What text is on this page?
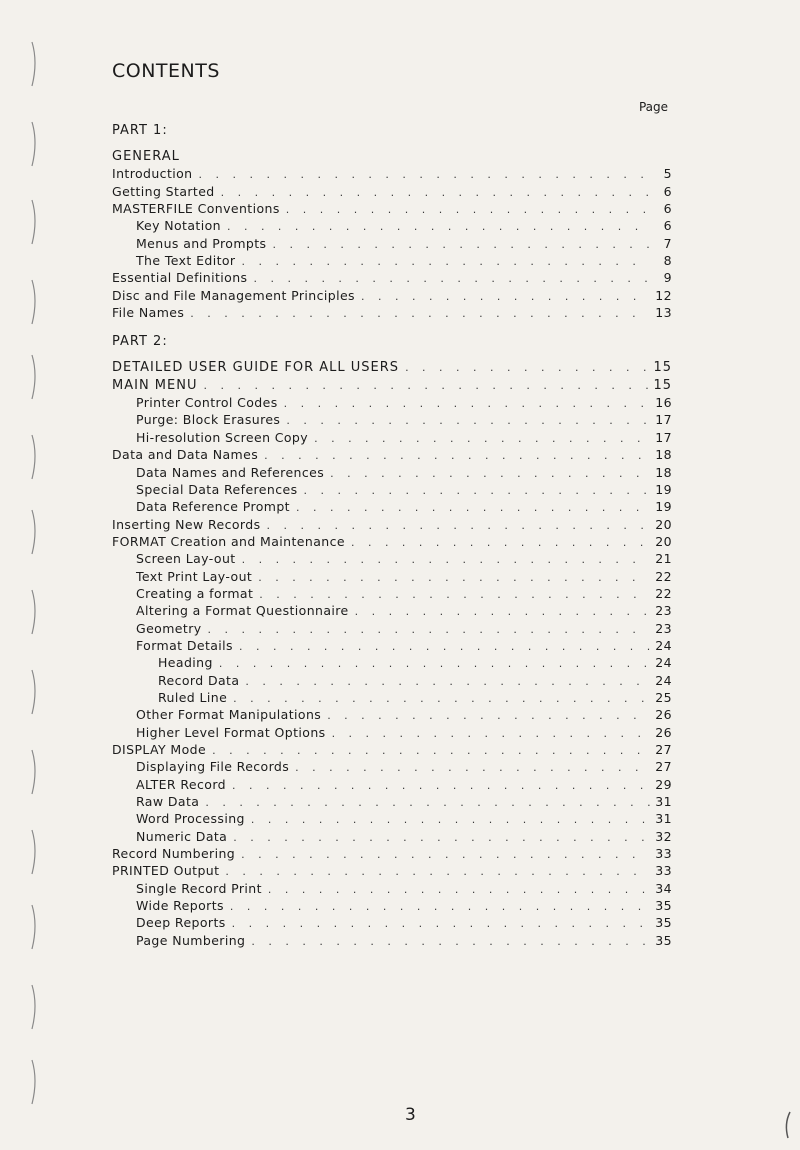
CONTENTS
Page
PART 1:
GENERAL
Introduction . . .	5
Getting Started . . .	6
MASTERFILE Conventions . . .	6
Key Notation . . .	6
Menus and Prompts . . .	7
The Text Editor . . .	8
Essential Definitions . . .	9
Disc and File Management Principles . . .	12
File Names . . .	13
PART 2:
DETAILED USER GUIDE FOR ALL USERS . . .	15
MAIN MENU . . .	15
Printer Control Codes . . .	16
Purge: Block Erasures . . .	17
Hi-resolution Screen Copy . . .	17
Data and Data Names . . .	18
Data Names and References . . .	18
Special Data References . . .	19
Data Reference Prompt . . .	19
Inserting New Records . . .	20
FORMAT Creation and Maintenance . . .	20
Screen Lay-out . . .	21
Text Print Lay-out . . .	22
Creating a format . . .	22
Altering a Format Questionnaire . . .	23
Geometry . . .	23
Format Details . . .	24
Heading . . .	24
Record Data . . .	24
Ruled Line . . .	25
Other Format Manipulations . . .	26
Higher Level Format Options . . .	26
DISPLAY Mode . . .	27
Displaying File Records . . .	27
ALTER Record . . .	29
Raw Data . . .	31
Word Processing . . .	31
Numeric Data . . .	32
Record Numbering . . .	33
PRINTED Output . . .	33
Single Record Print . . .	34
Wide Reports . . .	35
Deep Reports . . .	35
Page Numbering . . .	35
3
